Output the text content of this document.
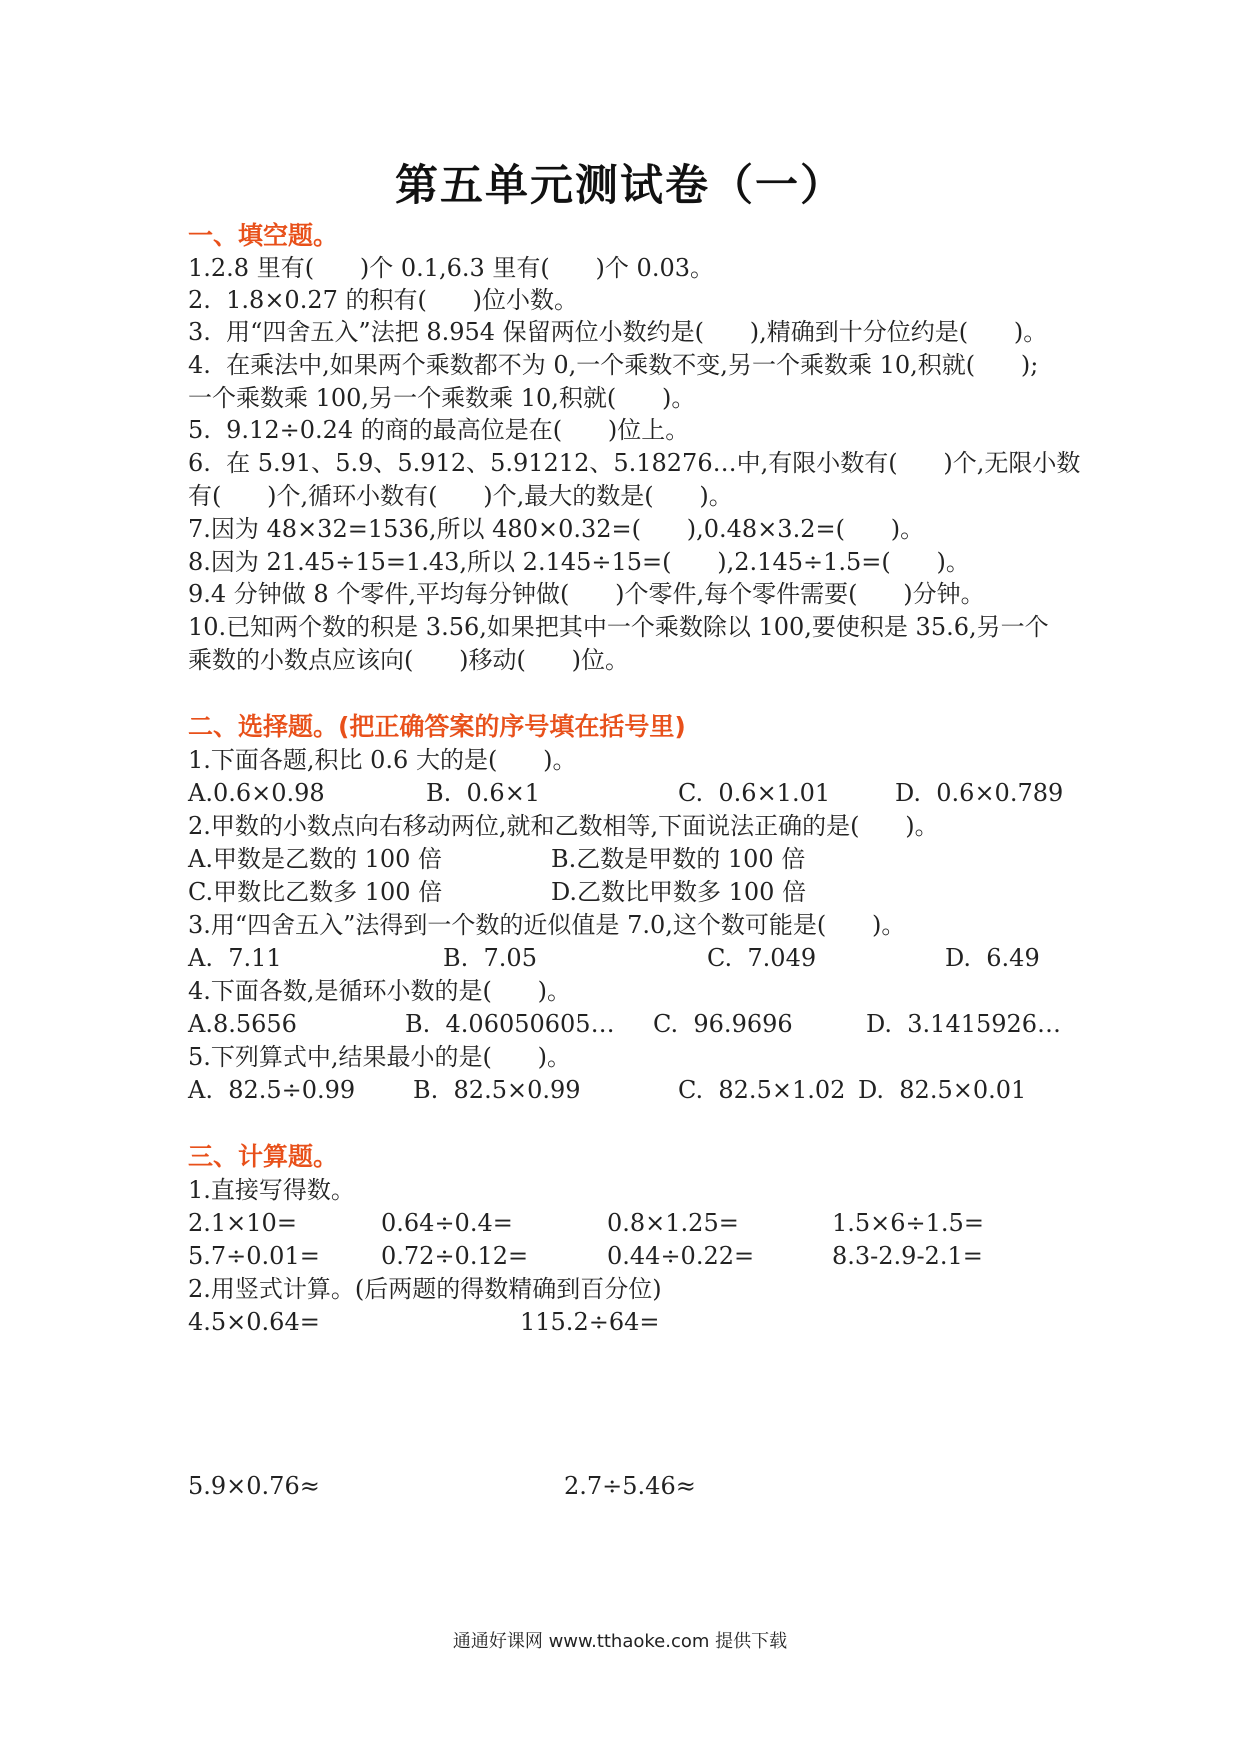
第五单元测试卷（一）

一、填空题。

1.2.8 里有(      )个 0.1,6.3 里有(      )个 0.03。

2.  1.8×0.27 的积有(      )位小数。

3.  用“四舍五入”法把 8.954 保留两位小数约是(      ),精确到十分位约是(      )。

4.  在乘法中,如果两个乘数都不为 0,一个乘数不变,另一个乘数乘 10,积就(      );

一个乘数乘 100,另一个乘数乘 10,积就(      )。

5.  9.12÷0.24 的商的最高位是在(      )位上。

6.  在 5.91、5.9、5.912、5.91212、5.18276…中,有限小数有(      )个,无限小数

有(      )个,循环小数有(      )个,最大的数是(      )。

7.因为 48×32=1536,所以 480×0.32=(      ),0.48×3.2=(      )。

8.因为 21.45÷15=1.43,所以 2.145÷15=(      ),2.145÷1.5=(      )。

9.4 分钟做 8 个零件,平均每分钟做(      )个零件,每个零件需要(      )分钟。

10.已知两个数的积是 3.56,如果把其中一个乘数除以 100,要使积是 35.6,另一个

乘数的小数点应该向(      )移动(      )位。

二、选择题。(把正确答案的序号填在括号里)

1.下面各题,积比 0.6 大的是(      )。

A.0.6×0.98	B.  0.6×1	C.  0.6×1.01	D.  0.6×0.789

2.甲数的小数点向右移动两位,就和乙数相等,下面说法正确的是(      )。

A.甲数是乙数的 100 倍	B.乙数是甲数的 100 倍

C.甲数比乙数多 100 倍	D.乙数比甲数多 100 倍

3.用“四舍五入”法得到一个数的近似值是 7.0,这个数可能是(      )。

A.  7.11	B.  7.05	C.  7.049	D.  6.49

4.下面各数,是循环小数的是(      )。

A.8.5656	B.  4.06050605… C.  96.9696	D.  3.1415926…

5.下列算式中,结果最小的是(      )。

A.  82.5÷0.99 B.  82.5×0.99	C.  82.5×1.02 D.  82.5×0.01

三、计算题。

1.直接写得数。

2.1×10=	0.64÷0.4=	0.8×1.25=	1.5×6÷1.5=

5.7÷0.01=	0.72÷0.12=	0.44÷0.22=	8.3-2.9-2.1=

2.用竖式计算。(后两题的得数精确到百分位)

4.5×0.64=	115.2÷64=

5.9×0.76≈	2.7÷5.46≈

通通好课网 www.tthaoke.com 提供下载
